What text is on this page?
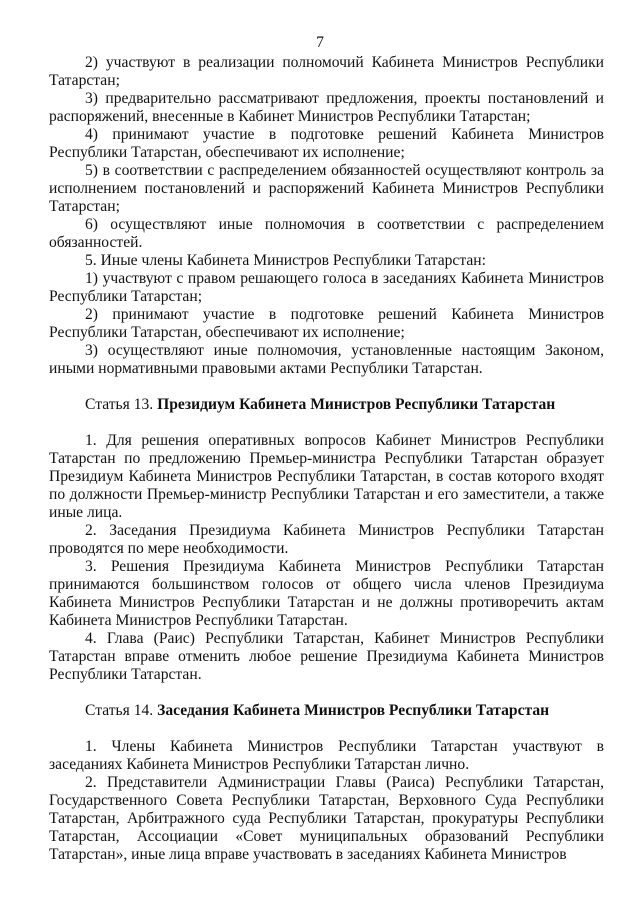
7

2) участвуют в реализации полномочий Кабинета Министров Республики Татарстан;

3) предварительно рассматривают предложения, проекты постановлений и распоряжений, внесенные в Кабинет Министров Республики Татарстан;

4) принимают участие в подготовке решений Кабинета Министров Республики Татарстан, обеспечивают их исполнение;

5) в соответствии с распределением обязанностей осуществляют контроль за исполнением постановлений и распоряжений Кабинета Министров Республики Татарстан;

6) осуществляют иные полномочия в соответствии с распределением обязанностей.

5. Иные члены Кабинета Министров Республики Татарстан:

1) участвуют с правом решающего голоса в заседаниях Кабинета Министров Республики Татарстан;

2) принимают участие в подготовке решений Кабинета Министров Республики Татарстан, обеспечивают их исполнение;

3) осуществляют иные полномочия, установленные настоящим Законом, иными нормативными правовыми актами Республики Татарстан.

Статья 13. Президиум Кабинета Министров Республики Татарстан

1. Для решения оперативных вопросов Кабинет Министров Республики Татарстан по предложению Премьер-министра Республики Татарстан образует Президиум Кабинета Министров Республики Татарстан, в состав которого входят по должности Премьер-министр Республики Татарстан и его заместители, а также иные лица.

2. Заседания Президиума Кабинета Министров Республики Татарстан проводятся по мере необходимости.

3. Решения Президиума Кабинета Министров Республики Татарстан принимаются большинством голосов от общего числа членов Президиума Кабинета Министров Республики Татарстан и не должны противоречить актам Кабинета Министров Республики Татарстан.

4. Глава (Раис) Республики Татарстан, Кабинет Министров Республики Татарстан вправе отменить любое решение Президиума Кабинета Министров Республики Татарстан.

Статья 14. Заседания Кабинета Министров Республики Татарстан

1. Члены Кабинета Министров Республики Татарстан участвуют в заседаниях Кабинета Министров Республики Татарстан лично.

2. Представители Администрации Главы (Раиса) Республики Татарстан, Государственного Совета Республики Татарстан, Верховного Суда Республики Татарстан, Арбитражного суда Республики Татарстан, прокуратуры Республики Татарстан, Ассоциации «Совет муниципальных образований Республики Татарстан», иные лица вправе участвовать в заседаниях Кабинета Министров
